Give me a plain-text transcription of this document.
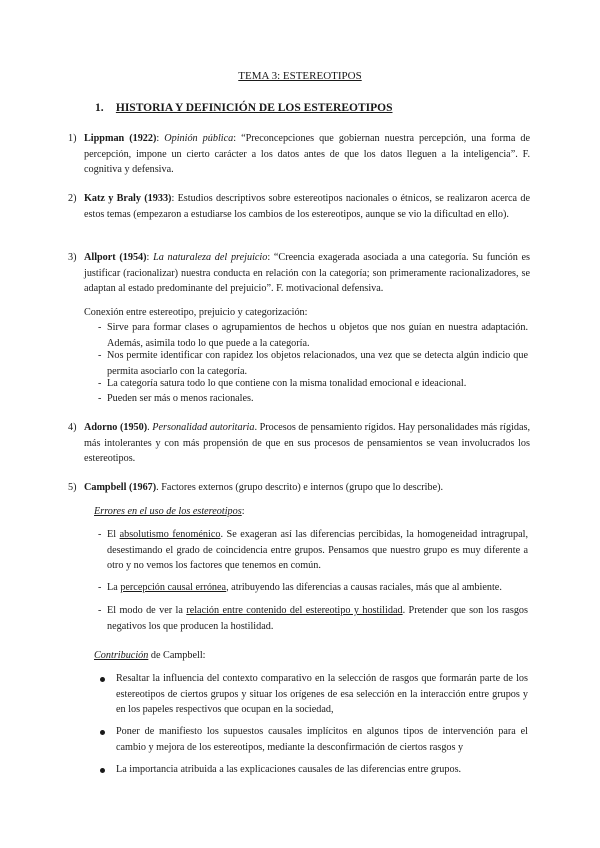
TEMA 3: ESTEREOTIPOS
1. HISTORIA Y DEFINICIÓN DE LOS ESTEREOTIPOS
1) Lippman (1922): Opinión pública: “Preconcepciones que gobiernan nuestra percepción, una forma de percepción, impone un cierto carácter a los datos antes de que los datos lleguen a la inteligencia”. F. cognitiva y defensiva.
2) Katz y Braly (1933): Estudios descriptivos sobre estereotipos nacionales o étnicos, se realizaron acerca de estos temas (empezaron a estudiarse los cambios de los estereotipos, aunque se vio la dificultad en ello).
3) Allport (1954): La naturaleza del prejuicio: “Creencia exagerada asociada a una categoría. Su función es justificar (racionalizar) nuestra conducta en relación con la categoría; son primeramente racionalizadores, se adaptan al estado predominante del prejuicio”. F. motivacional defensiva.
Conexión entre estereotipo, prejuicio y categorización:
- Sirve para formar clases o agrupamientos de hechos u objetos que nos guían en nuestra adaptación. Además, asimila todo lo que puede a la categoría.
- Nos permite identificar con rapidez los objetos relacionados, una vez que se detecta algún indicio que permita asociarlo con la categoría.
- La categoría satura todo lo que contiene con la misma tonalidad emocional e ideacional.
- Pueden ser más o menos racionales.
4) Adorno (1950). Personalidad autoritaria. Procesos de pensamiento rígidos. Hay personalidades más rígidas, más intolerantes y con más propensión de que en sus procesos de pensamientos se vean involucrados los estereotipos.
5) Campbell (1967). Factores externos (grupo descrito) e internos (grupo que lo describe).
Errores en el uso de los estereotipos:
- El absolutismo fenoménico. Se exageran así las diferencias percibidas, la homogeneidad intragrupal, desestimando el grado de coincidencia entre grupos. Pensamos que nuestro grupo es muy diferente a otro y no vemos los factores que tenemos en común.
- La percepción causal errónea, atribuyendo las diferencias a causas raciales, más que al ambiente.
- El modo de ver la relación entre contenido del estereotipo y hostilidad. Pretender que son los rasgos negativos los que producen la hostilidad.
Contribución de Campbell:
Resaltar la influencia del contexto comparativo en la selección de rasgos que formarán parte de los estereotipos de ciertos grupos y situar los orígenes de esa selección en la interacción entre grupos y en los papeles respectivos que ocupan en la sociedad,
Poner de manifiesto los supuestos causales implícitos en algunos tipos de intervención para el cambio y mejora de los estereotipos, mediante la desconfirmación de ciertos rasgos y
La importancia atribuida a las explicaciones causales de las diferencias entre grupos.
